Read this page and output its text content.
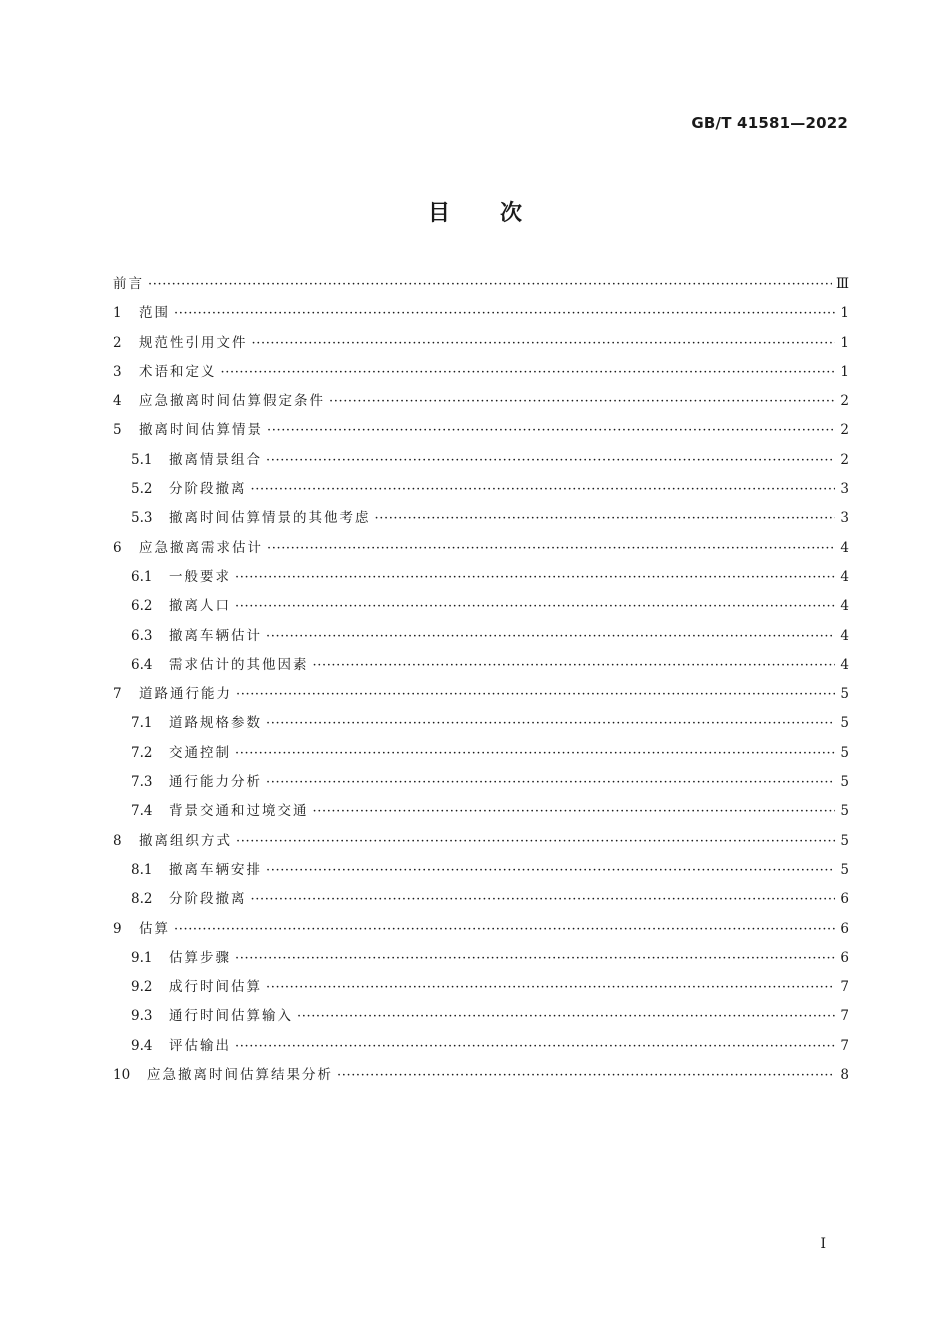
GB/T 41581—2022
目次
前言 ·····	Ⅲ
1	范围 ·····	1
2	规范性引用文件 ·····	1
3	术语和定义 ·····	1
4	应急撤离时间估算假定条件 ·····	2
5	撤离时间估算情景 ·····	2
5.1	撤离情景组合 ·····	2
5.2	分阶段撤离 ·····	3
5.3	撤离时间估算情景的其他考虑 ·····	3
6	应急撤离需求估计 ·····	4
6.1	一般要求 ·····	4
6.2	撤离人口 ·····	4
6.3	撤离车辆估计 ·····	4
6.4	需求估计的其他因素 ·····	4
7	道路通行能力 ·····	5
7.1	道路规格参数 ·····	5
7.2	交通控制 ·····	5
7.3	通行能力分析 ·····	5
7.4	背景交通和过境交通 ·····	5
8	撤离组织方式 ·····	5
8.1	撤离车辆安排 ·····	5
8.2	分阶段撤离 ·····	6
9	估算 ·····	6
9.1	估算步骤 ·····	6
9.2	成行时间估算 ·····	7
9.3	通行时间估算输入 ·····	7
9.4	评估输出 ·····	7
10	应急撤离时间估算结果分析 ·····	8
I
